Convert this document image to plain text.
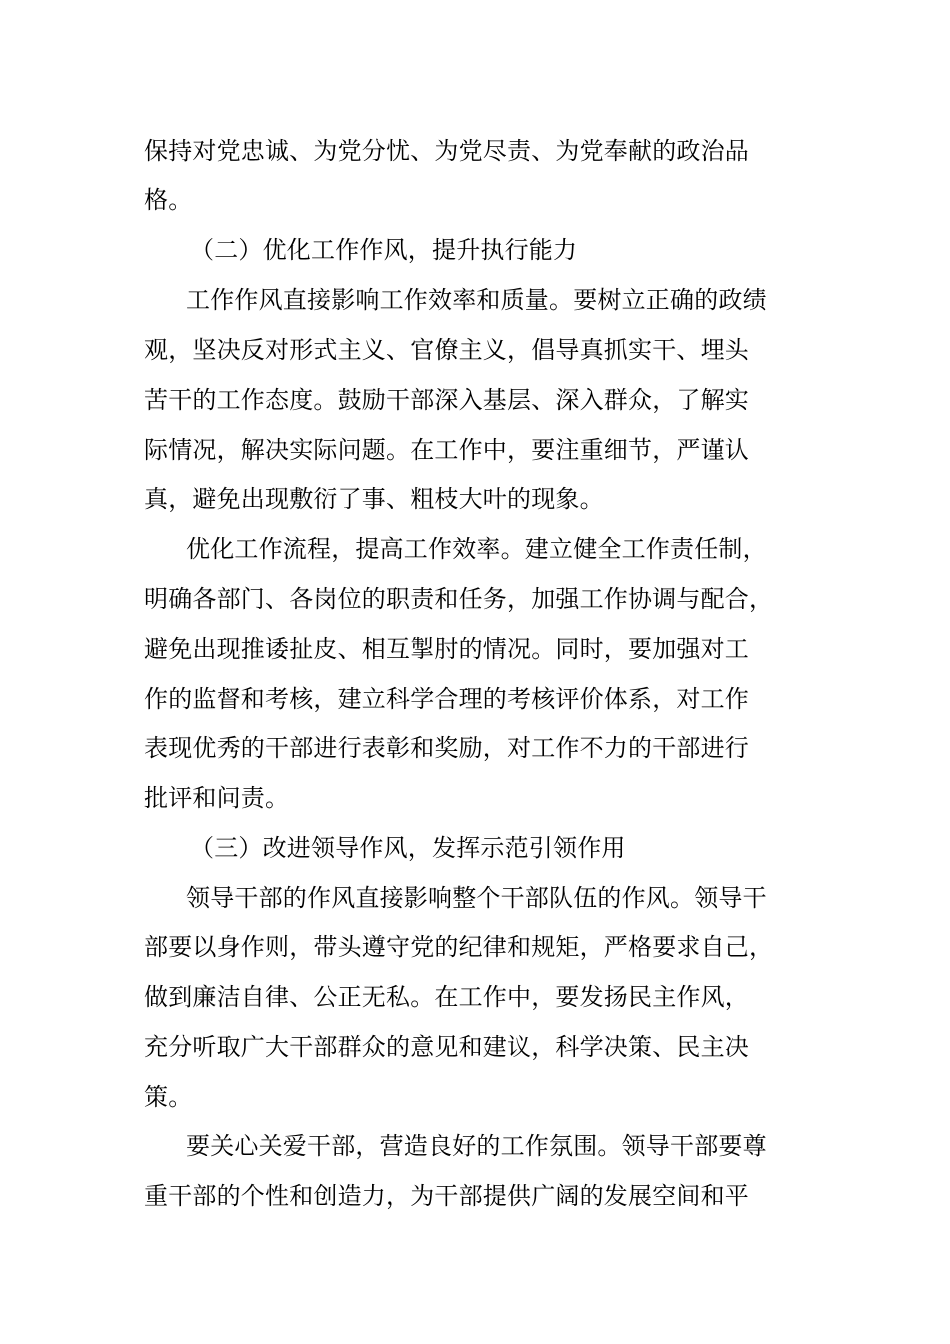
保持对党忠诚、为党分忧、为党尽责、为党奉献的政治品
格。
（二）优化工作作风，提升执行能力
工作作风直接影响工作效率和质量。要树立正确的政绩
观，坚决反对形式主义、官僚主义，倡导真抓实干、埋头
苦干的工作态度。鼓励干部深入基层、深入群众，了解实
际情况，解决实际问题。在工作中，要注重细节，严谨认
真，避免出现敷衍了事、粗枝大叶的现象。
优化工作流程，提高工作效率。建立健全工作责任制，
明确各部门、各岗位的职责和任务，加强工作协调与配合，
避免出现推诿扯皮、相互掣肘的情况。同时，要加强对工
作的监督和考核，建立科学合理的考核评价体系，对工作
表现优秀的干部进行表彰和奖励，对工作不力的干部进行
批评和问责。
（三）改进领导作风，发挥示范引领作用
领导干部的作风直接影响整个干部队伍的作风。领导干
部要以身作则，带头遵守党的纪律和规矩，严格要求自己，
做到廉洁自律、公正无私。在工作中，要发扬民主作风，
充分听取广大干部群众的意见和建议，科学决策、民主决
策。
要关心关爱干部，营造良好的工作氛围。领导干部要尊
重干部的个性和创造力，为干部提供广阔的发展空间和平
